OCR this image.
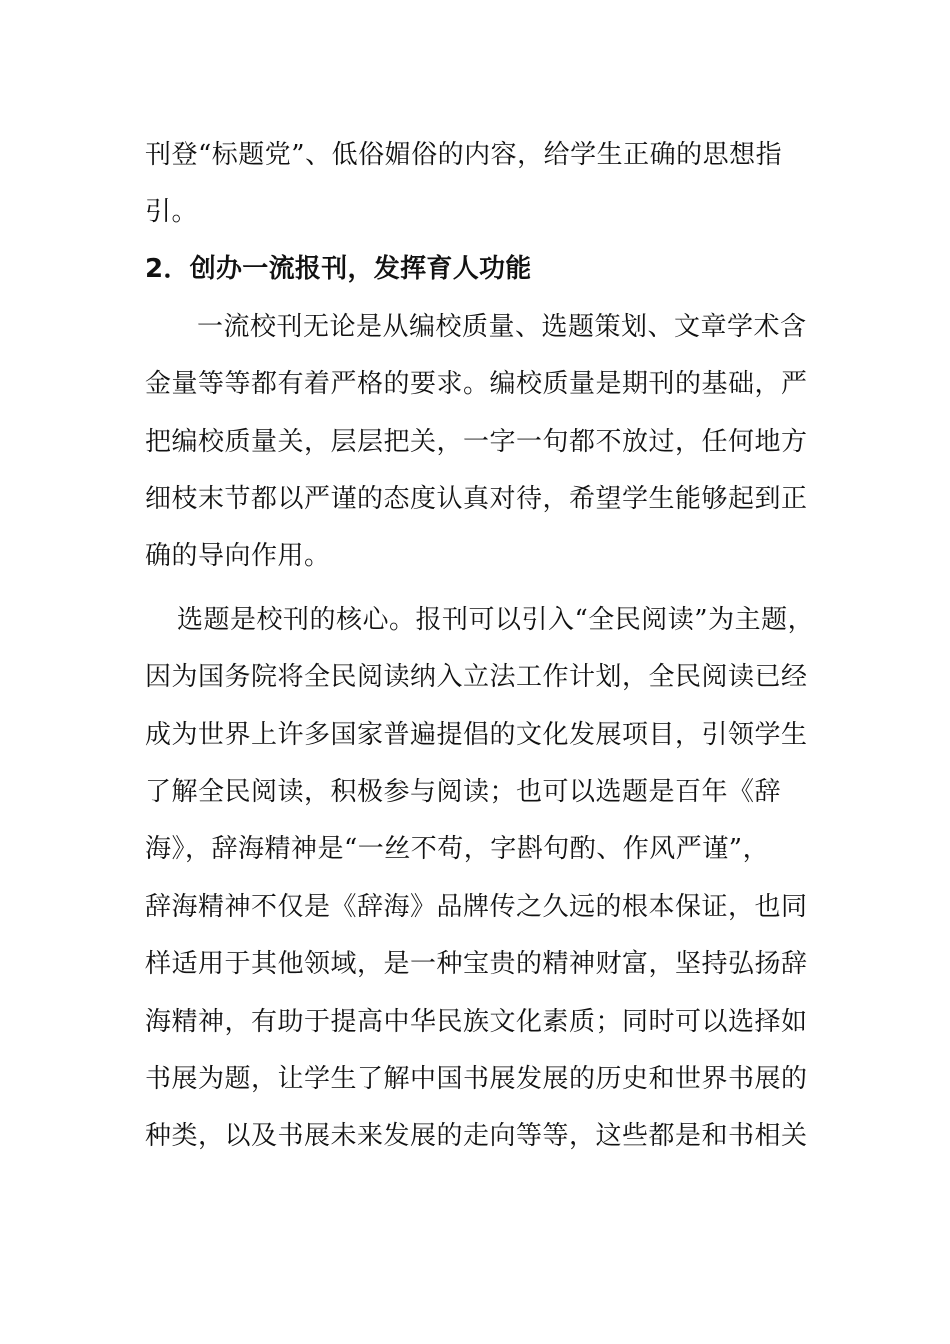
刊登“标题党”、低俗媚俗的内容，给学生正确的思想指
引。
2．创办一流报刊，发挥育人功能
一流校刊无论是从编校质量、选题策划、文章学术含
金量等等都有着严格的要求。编校质量是期刊的基础，严
把编校质量关，层层把关，一字一句都不放过，任何地方
细枝末节都以严谨的态度认真对待，希望学生能够起到正
确的导向作用。
选题是校刊的核心。报刊可以引入“全民阅读”为主题，
因为国务院将全民阅读纳入立法工作计划，全民阅读已经
成为世界上许多国家普遍提倡的文化发展项目，引领学生
了解全民阅读，积极参与阅读；也可以选题是百年《辞
海》，辞海精神是“一丝不苟，字斟句酌、作风严谨”，
辞海精神不仅是《辞海》品牌传之久远的根本保证，也同
样适用于其他领域，是一种宝贵的精神财富，坚持弘扬辞
海精神，有助于提高中华民族文化素质；同时可以选择如
书展为题，让学生了解中国书展发展的历史和世界书展的
种类，以及书展未来发展的走向等等，这些都是和书相关
